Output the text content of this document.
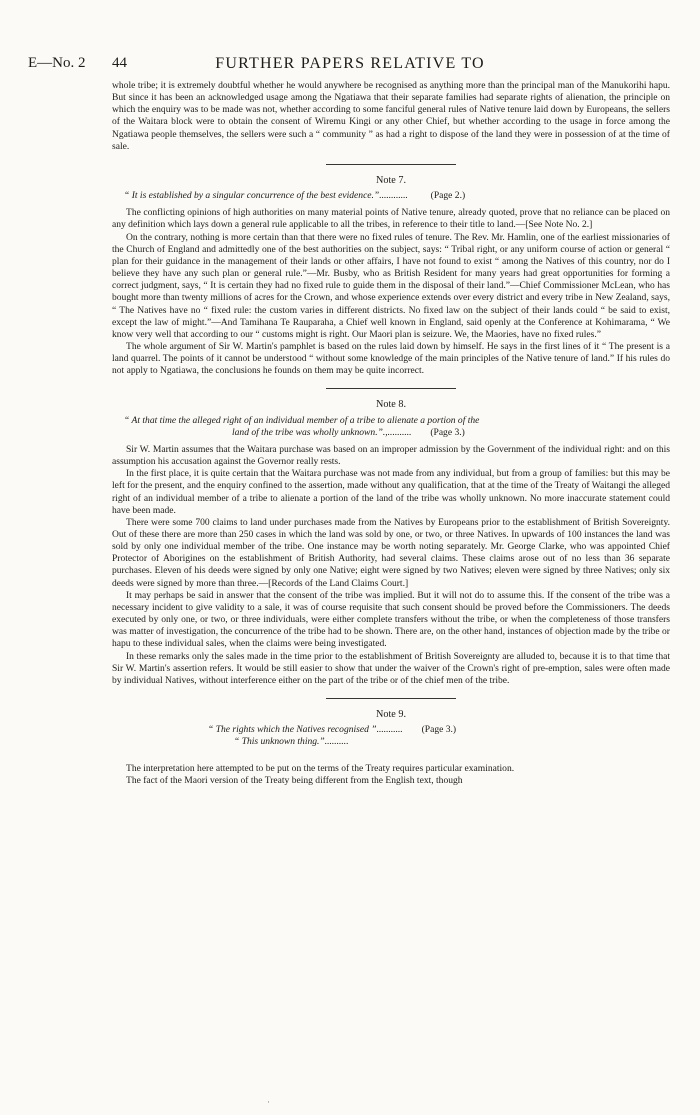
E—No. 2 44	FURTHER PAPERS RELATIVE TO

whole tribe; it is extremely doubtful whether he would anywhere be recognised as anything more than the principal man of the Manukorihi hapu. But since it has been an acknowledged usage among the Ngatiawa that their separate families had separate rights of alienation, the principle on which the enquiry was to be made was not, whether according to some fanciful general rules of Native tenure laid down by Europeans, the sellers of the Waitara block were to obtain the consent of Wiremu Kingi or any other Chief, but whether according to the usage in force among the Ngatiawa people themselves, the sellers were such a “ community ” as had a right to dispose of the land they were in possession of at the time of sale.

Note 7.

“ It is established by a singular concurrence of the best evidence.”............ (Page 2.)

The conflicting opinions of high authorities on many material points of Native tenure, already quoted, prove that no reliance can be placed on any definition which lays down a general rule applicable to all the tribes, in reference to their title to land.—[See Note No. 2.]

On the contrary, nothing is more certain than that there were no fixed rules of tenure. The Rev. Mr. Hamlin, one of the earliest missionaries of the Church of England and admittedly one of the best authorities on the subject, says: “ Tribal right, or any uniform course of action or general “ plan for their guidance in the management of their lands or other affairs, I have not found to exist “ among the Natives of this country, nor do I believe they have any such plan or general rule.”—Mr. Busby, who as British Resident for many years had great opportunities for forming a correct judgment, says, “ It is certain they had no fixed rule to guide them in the disposal of their land.”—Chief Commissioner McLean, who has bought more than twenty millions of acres for the Crown, and whose experience extends over every district and every tribe in New Zealand, says, “ The Natives have no “ fixed rule: the custom varies in different districts. No fixed law on the subject of their lands could “ be said to exist, except the law of might.”—And Tamihana Te Rauparaha, a Chief well known in England, said openly at the Conference at Kohimarama, “ We know very well that according to our “ customs might is right. Our Maori plan is seizure. We, the Maories, have no fixed rules.”

The whole argument of Sir W. Martin's pamphlet is based on the rules laid down by himself. He says in the first lines of it “ The present is a land quarrel. The points of it cannot be understood “ without some knowledge of the main principles of the Native tenure of land.” If his rules do not apply to Ngatiawa, the conclusions he founds on them may be quite incorrect.

Note 8.

“ At that time the alleged right of an individual member of a tribe to alienate a portion of the

land of the tribe was wholly unknown.”.,.......... (Page 3.)

Sir W. Martin assumes that the Waitara purchase was based on an improper admission by the Government of the individual right: and on this assumption his accusation against the Governor really rests.

In the first place, it is quite certain that the Waitara purchase was not made from any individual, but from a group of families: but this may be left for the present, and the enquiry confined to the assertion, made without any qualification, that at the time of the Treaty of Waitangi the alleged right of an individual member of a tribe to alienate a portion of the land of the tribe was wholly unknown. No more inaccurate statement could have been made.

There were some 700 claims to land under purchases made from the Natives by Europeans prior to the establishment of British Sovereignty. Out of these there are more than 250 cases in which the land was sold by one, or two, or three Natives. In upwards of 100 instances the land was sold by only one individual member of the tribe. One instance may be worth noting separately. Mr. George Clarke, who was appointed Chief Protector of Aborigines on the establishment of British Authority, had several claims. These claims arose out of no less than 36 separate purchases. Eleven of his deeds were signed by only one Native; eight were signed by two Natives; eleven were signed by three Natives; only six deeds were signed by more than three.—[Records of the Land Claims Court.]

It may perhaps be said in answer that the consent of the tribe was implied. But it will not do to assume this. If the consent of the tribe was a necessary incident to give validity to a sale, it was of course requisite that such consent should be proved before the Commissioners. The deeds executed by only one, or two, or three individuals, were either complete transfers without the tribe, or when the completeness of those transfers was matter of investigation, the concurrence of the tribe had to be shown. There are, on the other hand, instances of objection made by the tribe or hapu to these individual sales, when the claims were being investigated.

In these remarks only the sales made in the time prior to the establishment of British Sovereignty are alluded to, because it is to that time that Sir W. Martin's assertion refers. It would be still easier to show that under the waiver of the Crown's right of pre-emption, sales were often made by individual Natives, without interference either on the part of the tribe or of the chief men of the tribe.

Note 9.

“ The rights which the Natives recognised ”........... (Page 3.)

“ This unknown thing.”..........

The interpretation here attempted to be put on the terms of the Treaty requires particular examination.

The fact of the Maori version of the Treaty being different from the English text, though

·
